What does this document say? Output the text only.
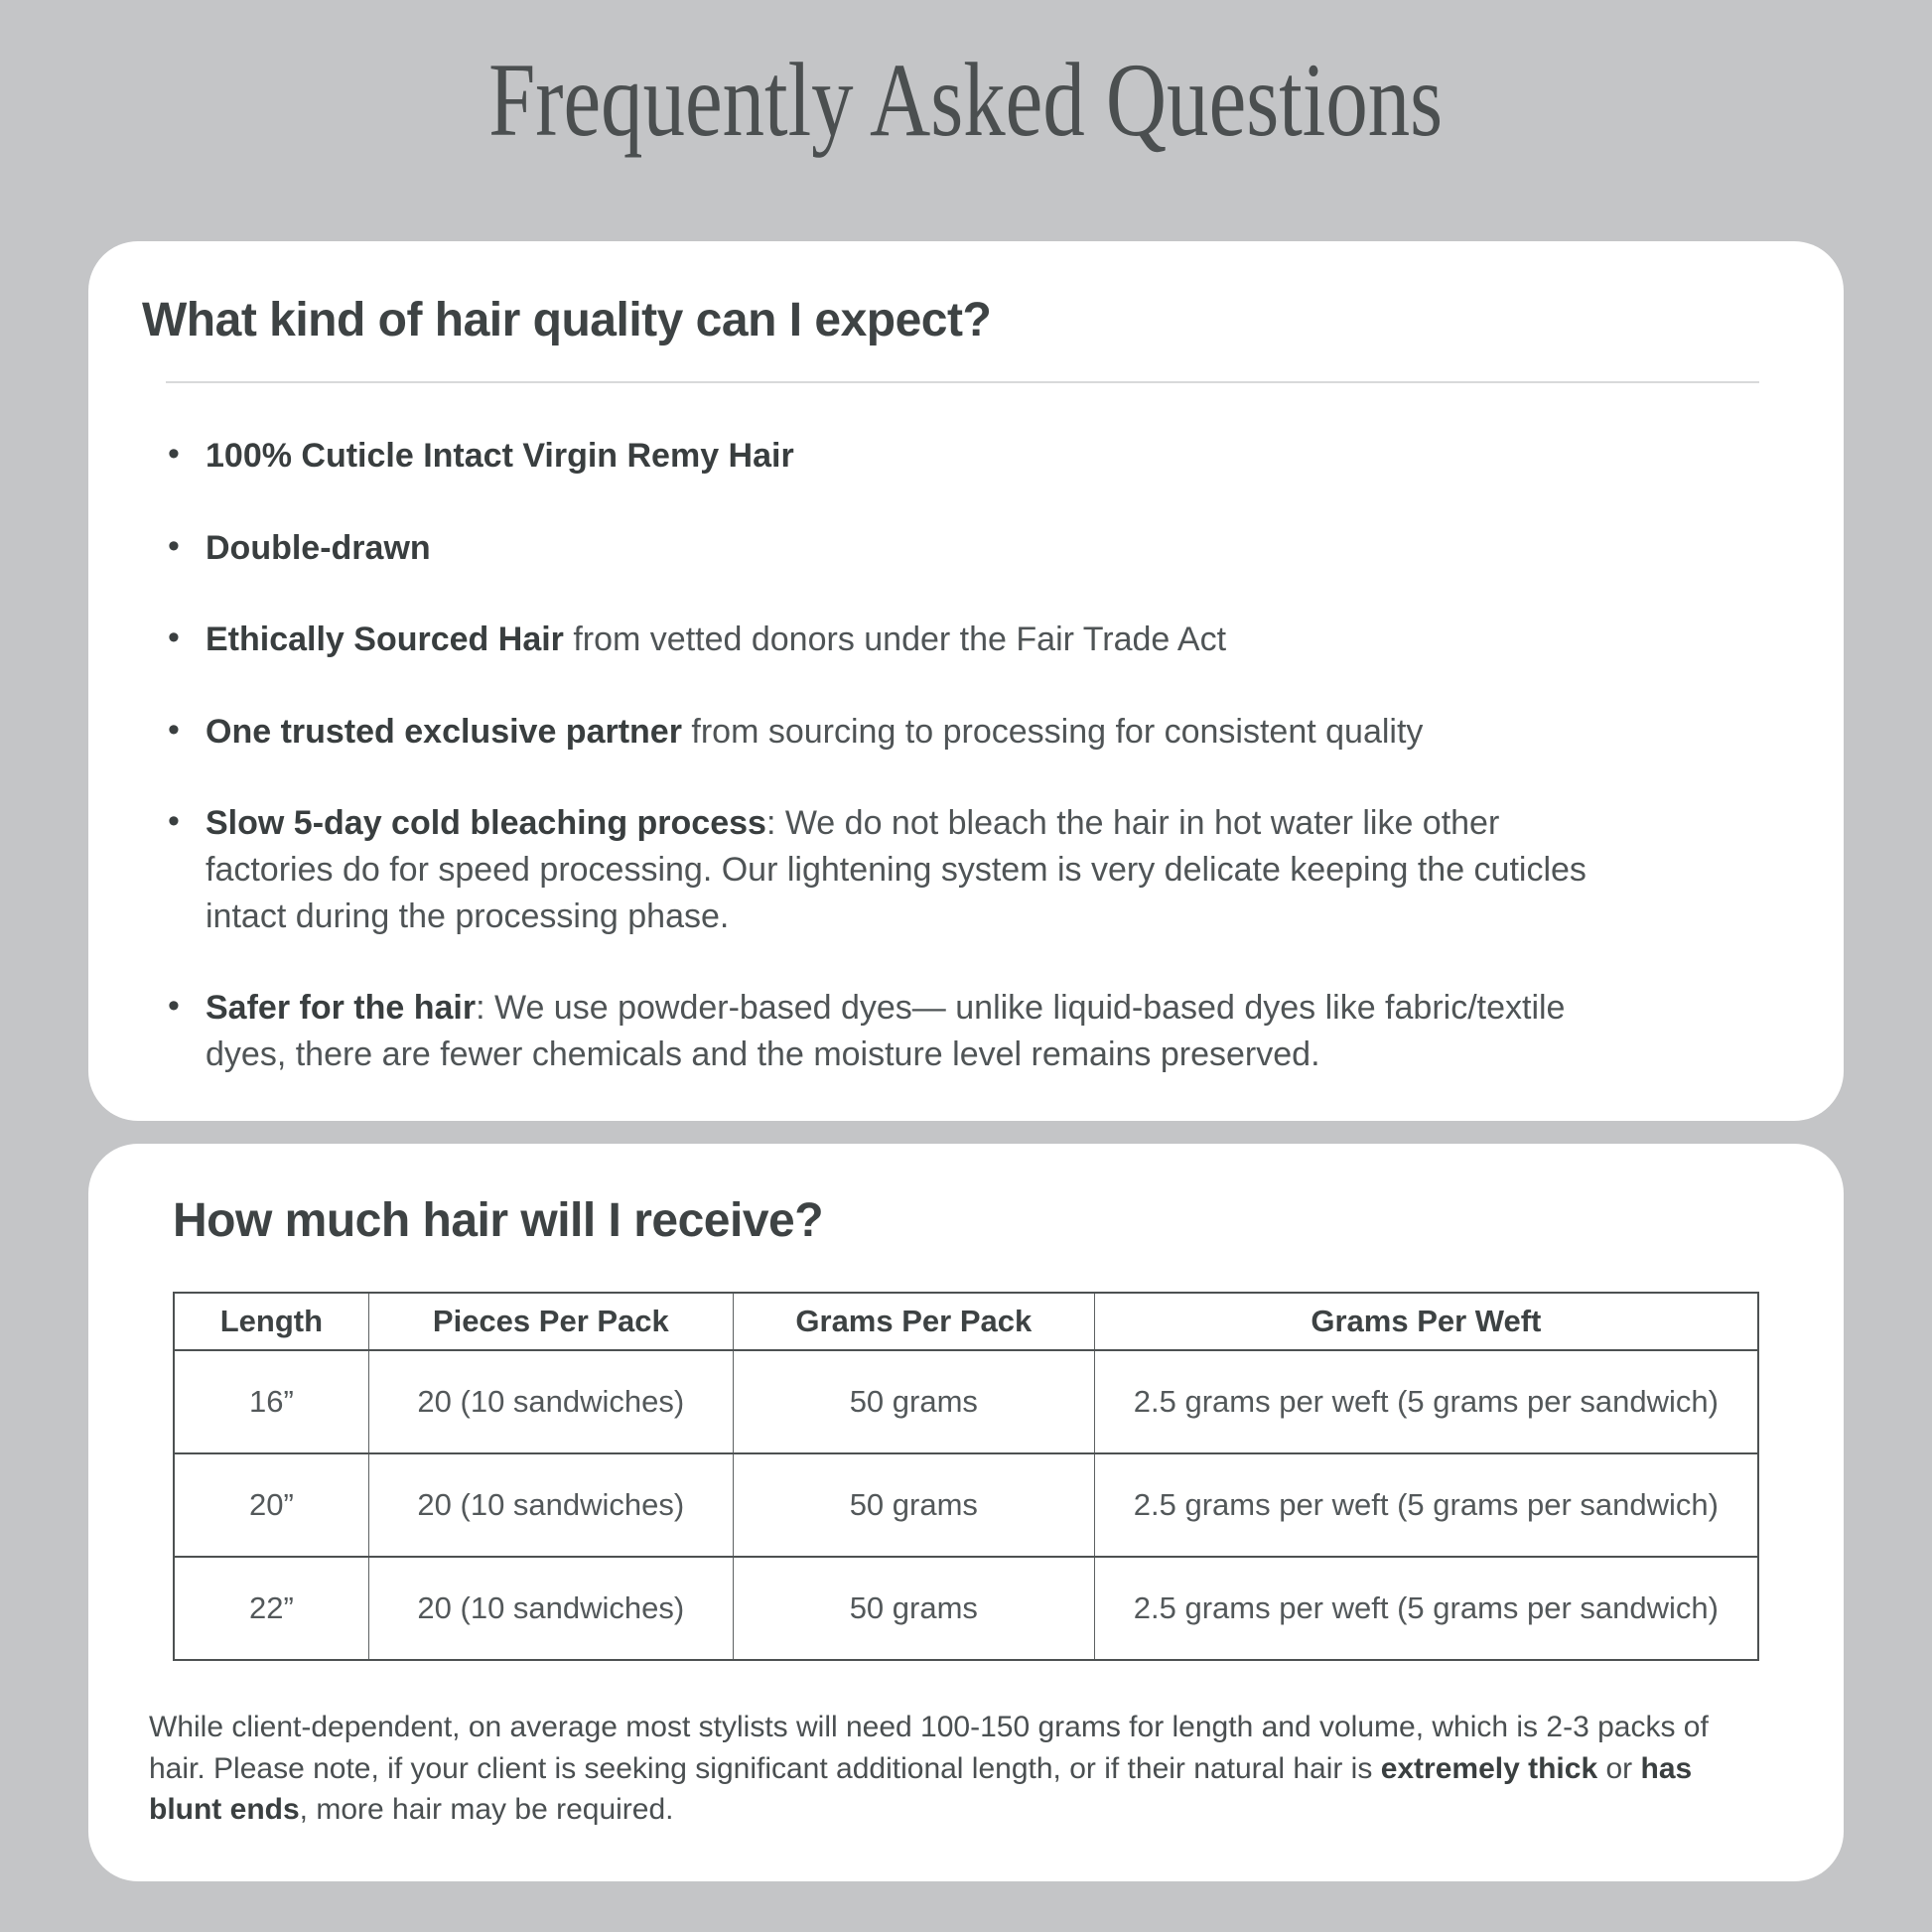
Frequently Asked Questions
What kind of hair quality can I expect?
• 100% Cuticle Intact Virgin Remy Hair
• Double-drawn
• Ethically Sourced Hair from vetted donors under the Fair Trade Act
• One trusted exclusive partner from sourcing to processing for consistent quality
• Slow 5-day cold bleaching process: We do not bleach the hair in hot water like other factories do for speed processing. Our lightening system is very delicate keeping the cuticles intact during the processing phase.
• Safer for the hair: We use powder-based dyes— unlike liquid-based dyes like fabric/textile dyes, there are fewer chemicals and the moisture level remains preserved.
How much hair will I receive?
Length	Pieces Per Pack	Grams Per Pack	Grams Per Weft
16”	20 (10 sandwiches)	50 grams	2.5 grams per weft (5 grams per sandwich)
20”	20 (10 sandwiches)	50 grams	2.5 grams per weft (5 grams per sandwich)
22”	20 (10 sandwiches)	50 grams	2.5 grams per weft (5 grams per sandwich)

While client-dependent, on average most stylists will need 100-150 grams for length and volume, which is 2-3 packs of hair. Please note, if your client is seeking significant additional length, or if their natural hair is extremely thick or has blunt ends, more hair may be required.
